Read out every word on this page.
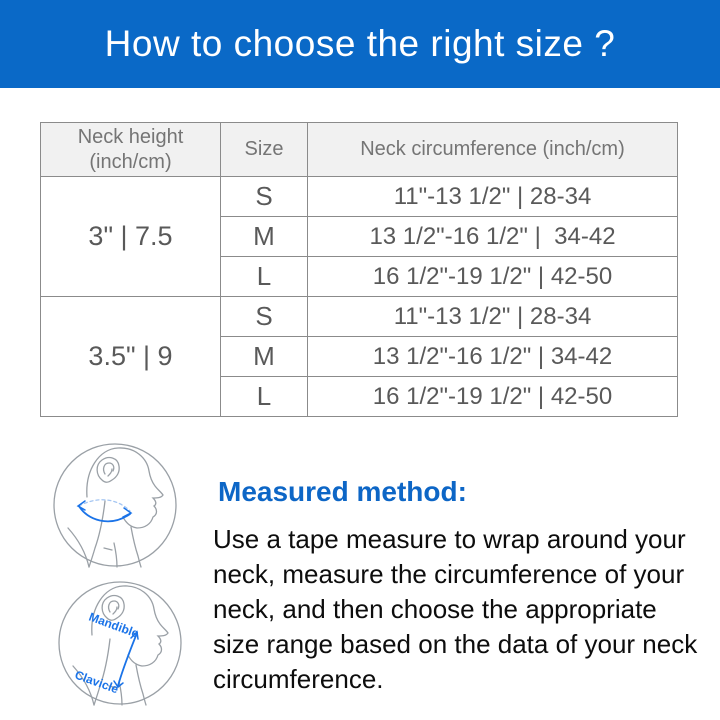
How to choose the right size ?
Neck height
(inch/cm)	Size	Neck circumference (inch/cm)
3" | 7.5	S	11"-13 1/2" | 28-34
	M	13 1/2"-16 1/2" |  34-42
	L	16 1/2"-19 1/2" | 42-50
3.5" | 9	S	11"-13 1/2" | 28-34
	M	13 1/2"-16 1/2" | 34-42
	L	16 1/2"-19 1/2" | 42-50
Mandible
Clavicle
Measured method:

Use a tape measure to wrap around your neck, measure the circumference of your neck, and then choose the appropriate size range based on the data of your neck circumference.
